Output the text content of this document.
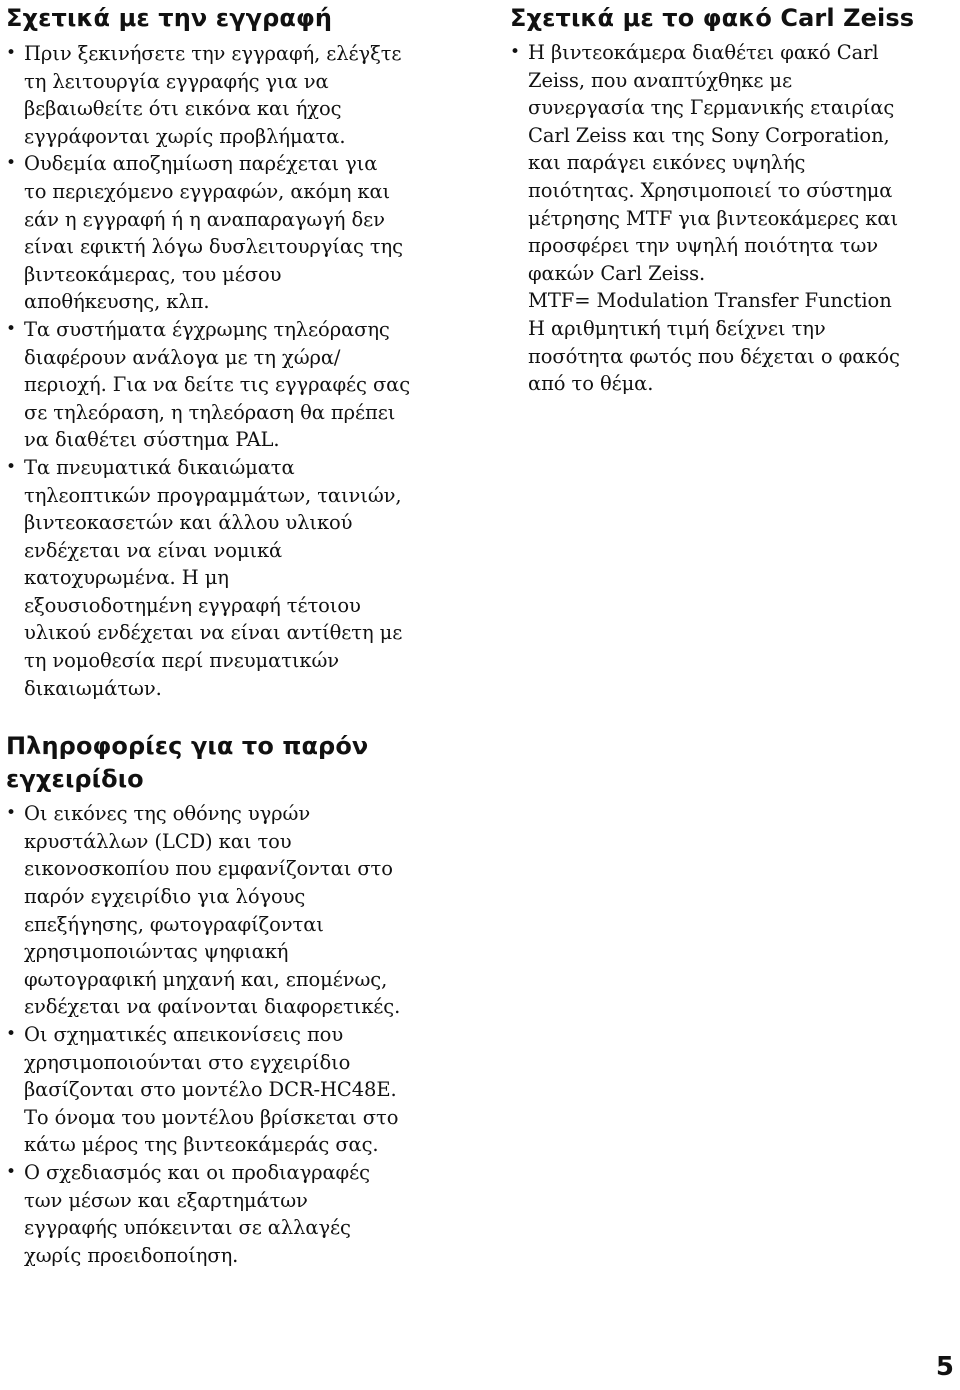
Σχετικά με την εγγραφή
• Πριν ξεκινήσετε την εγγραφή, ελέγξτε
τη λειτουργία εγγραφής για να
βεβαιωθείτε ότι εικόνα και ήχος
εγγράφονται χωρίς προβλήματα.
• Ουδεμία αποζημίωση παρέχεται για
το περιεχόμενο εγγραφών, ακόμη και
εάν η εγγραφή ή η αναπαραγωγή δεν
είναι εφικτή λόγω δυσλειτουργίας της
βιντεοκάμερας, του μέσου
αποθήκευσης, κλπ.
• Τα συστήματα έγχρωμης τηλεόρασης
διαφέρουν ανάλογα με τη χώρα/
περιοχή. Για να δείτε τις εγγραφές σας
σε τηλεόραση, η τηλεόραση θα πρέπει
να διαθέτει σύστημα PAL.
• Τα πνευματικά δικαιώματα
τηλεοπτικών προγραμμάτων, ταινιών,
βιντεοκασετών και άλλου υλικού
ενδέχεται να είναι νομικά
κατοχυρωμένα. Η μη
εξουσιοδοτημένη εγγραφή τέτοιου
υλικού ενδέχεται να είναι αντίθετη με
τη νομοθεσία περί πνευματικών
δικαιωμάτων.
Πληροφορίες για το παρόν
εγχειρίδιο
• Οι εικόνες της οθόνης υγρών
κρυστάλλων (LCD) και του
εικονοσκοπίου που εμφανίζονται στο
παρόν εγχειρίδιο για λόγους
επεξήγησης, φωτογραφίζονται
χρησιμοποιώντας ψηφιακή
φωτογραφική μηχανή και, επομένως,
ενδέχεται να φαίνονται διαφορετικές.
• Οι σχηματικές απεικονίσεις που
χρησιμοποιούνται στο εγχειρίδιο
βασίζονται στο μοντέλο DCR-HC48E.
Το όνομα του μοντέλου βρίσκεται στο
κάτω μέρος της βιντεοκάμεράς σας.
• Ο σχεδιασμός και οι προδιαγραφές
των μέσων και εξαρτημάτων
εγγραφής υπόκεινται σε αλλαγές
χωρίς προειδοποίηση.
Σχετικά με το φακό Carl Zeiss
• Η βιντεοκάμερα διαθέτει φακό Carl
Zeiss, που αναπτύχθηκε με
συνεργασία της Γερμανικής εταιρίας
Carl Zeiss και της Sony Corporation,
και παράγει εικόνες υψηλής
ποιότητας. Χρησιμοποιεί το σύστημα
μέτρησης MTF για βιντεοκάμερες και
προσφέρει την υψηλή ποιότητα των
φακών Carl Zeiss.
MTF= Modulation Transfer Function
Η αριθμητική τιμή δείχνει την
ποσότητα φωτός που δέχεται ο φακός
από το θέμα.
5
